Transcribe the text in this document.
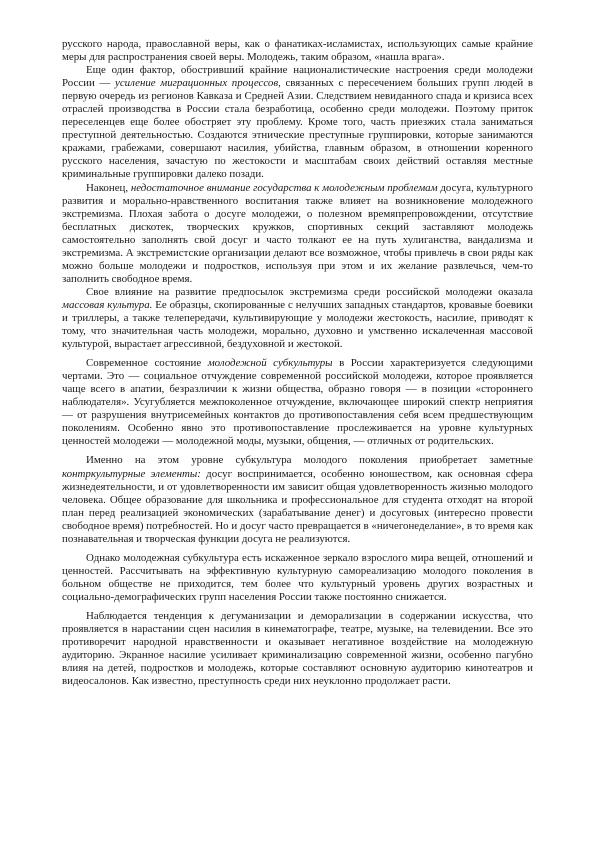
русского народа, православной веры, как о фанатиках-исламистах, использующих самые крайние меры для распространения своей веры. Молодежь, таким образом, «нашла врага».

Еще один фактор, обостривший крайние националистические настроения среди молодежи России — усиление миграционных процессов, связанных с пересечением больших групп людей в первую очередь из регионов Кавказа и Средней Азии. Следствием невиданного спада и кризиса всех отраслей производства в России стала безработица, особенно среди молодежи. Поэтому приток переселенцев еще более обостряет эту проблему. Кроме того, часть приезжих стала заниматься преступной деятельностью. Создаются этнические преступные группировки, которые занимаются кражами, грабежами, совершают насилия, убийства, главным образом, в отношении коренного русского населения, зачастую по жестокости и масштабам своих действий оставляя местные криминальные группировки далеко позади.

Наконец, недостаточное внимание государства к молодежным проблемам досуга, культурного развития и морально-нравственного воспитания также влияет на возникновение молодежного экстремизма. Плохая забота о досуге молодежи, о полезном времяпрепровождении, отсутствие бесплатных дискотек, творческих кружков, спортивных секций заставляют молодежь самостоятельно заполнять свой досуг и часто толкают ее на путь хулиганства, вандализма и экстремизма. А экстремистские организации делают все возможное, чтобы привлечь в свои ряды как можно больше молодежи и подростков, используя при этом и их желание развлечься, чем-то заполнить свободное время.

Свое влияние на развитие предпосылок экстремизма среди российской молодежи оказала массовая культура. Ее образцы, скопированные с нелучших западных стандартов, кровавые боевики и триллеры, а также телепередачи, культивирующие у молодежи жестокость, насилие, приводят к тому, что значительная часть молодежи, морально, духовно и умственно искалеченная массовой культурой, вырастает агрессивной, бездуховной и жестокой.

Современное состояние молодежной субкультуры в России характеризуется следующими чертами. Это — социальное отчуждение современной российской молодежи, которое проявляется чаще всего в апатии, безразличии к жизни общества, образно говоря — в позиции «стороннего наблюдателя». Усугубляется межпоколенное отчуждение, включающее широкий спектр неприятия — от разрушения внутрисемейных контактов до противопоставления себя всем предшествующим поколениям. Особенно явно это противопоставление прослеживается на уровне культурных ценностей молодежи — молодежной моды, музыки, общения, — отличных от родительских.

Именно на этом уровне субкультура молодого поколения приобретает заметные контркультурные элементы: досуг воспринимается, особенно юношеством, как основная сфера жизнедеятельности, и от удовлетворенности им зависит общая удовлетворенность жизнью молодого человека. Общее образование для школьника и профессиональное для студента отходят на второй план перед реализацией экономических (зарабатывание денег) и досуговых (интересно провести свободное время) потребностей. Но и досуг часто превращается в «ничегонеделание», в то время как познавательная и творческая функции досуга не реализуются.

Однако молодежная субкультура есть искаженное зеркало взрослого мира вещей, отношений и ценностей. Рассчитывать на эффективную культурную самореализацию молодого поколения в больном обществе не приходится, тем более что культурный уровень других возрастных и социально-демографических групп населения России также постоянно снижается.

Наблюдается тенденция к дегуманизации и деморализации в содержании искусства, что проявляется в нарастании сцен насилия в кинематографе, театре, музыке, на телевидении. Все это противоречит народной нравственности и оказывает негативное воздействие на молодежную аудиторию. Экранное насилие усиливает криминализацию современной жизни, особенно пагубно влияя на детей, подростков и молодежь, которые составляют основную аудиторию кинотеатров и видеосалонов. Как известно, преступность среди них неуклонно продолжает расти.
